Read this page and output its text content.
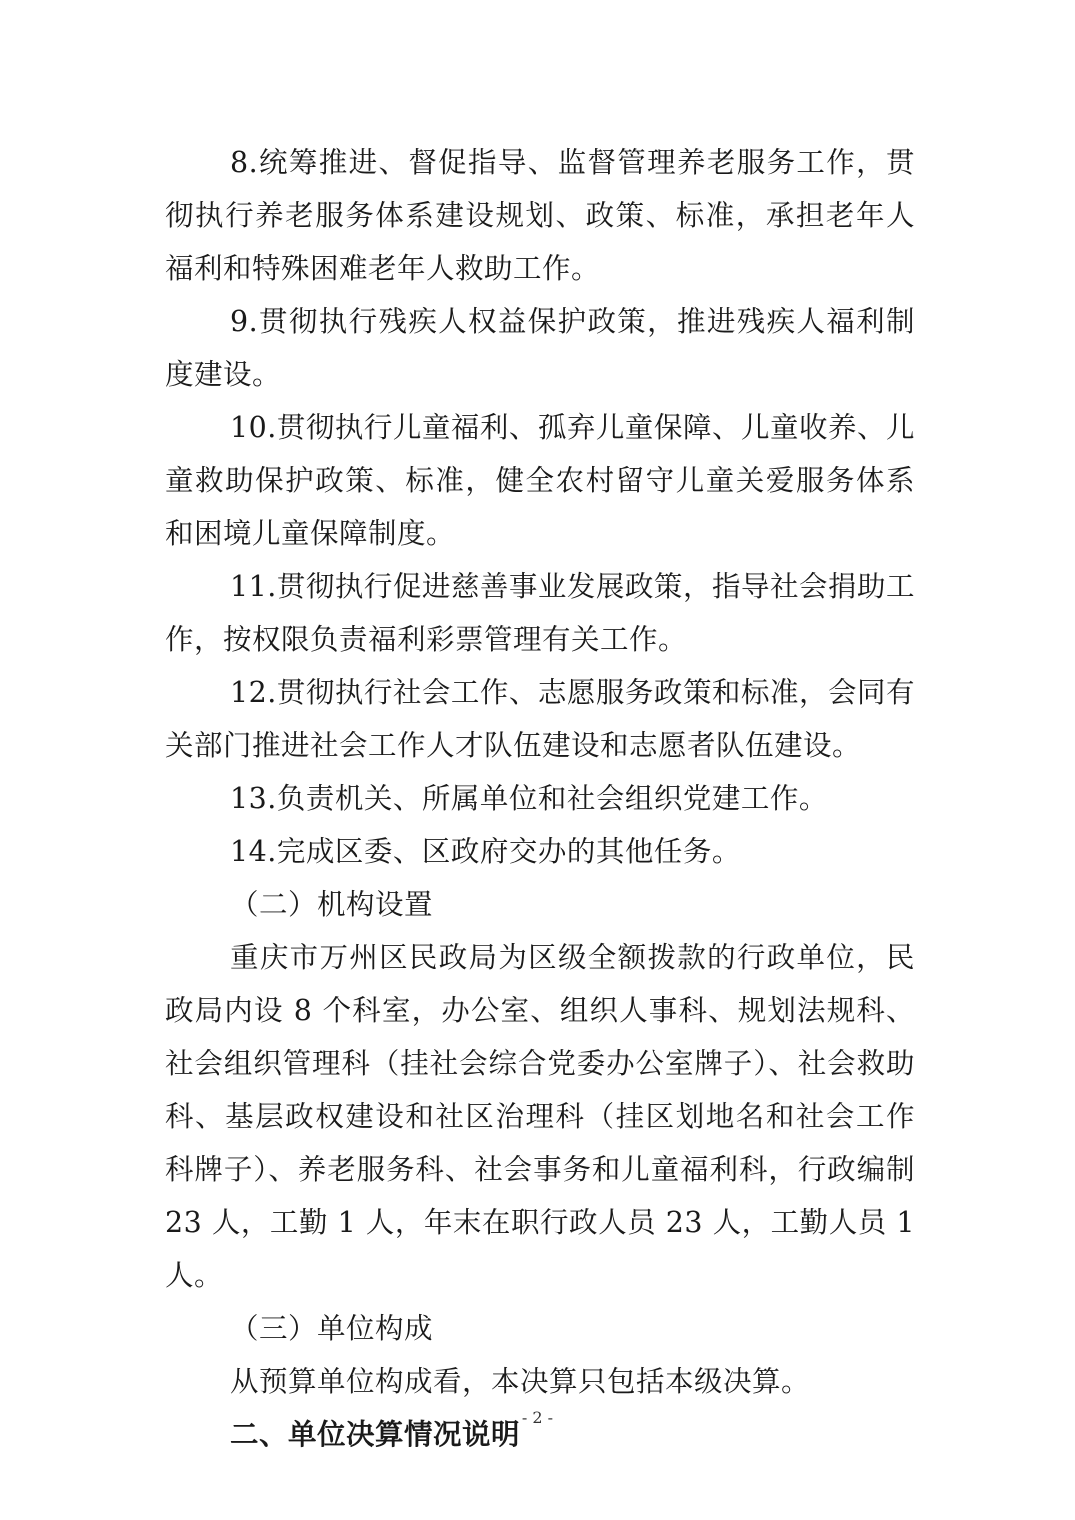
8.统筹推进、督促指导、监督管理养老服务工作，贯彻执行养老服务体系建设规划、政策、标准，承担老年人福利和特殊困难老年人救助工作。

9.贯彻执行残疾人权益保护政策，推进残疾人福利制度建设。

10.贯彻执行儿童福利、孤弃儿童保障、儿童收养、儿童救助保护政策、标准，健全农村留守儿童关爱服务体系和困境儿童保障制度。

11.贯彻执行促进慈善事业发展政策，指导社会捐助工作，按权限负责福利彩票管理有关工作。

12.贯彻执行社会工作、志愿服务政策和标准，会同有关部门推进社会工作人才队伍建设和志愿者队伍建设。

13.负责机关、所属单位和社会组织党建工作。

14.完成区委、区政府交办的其他任务。

（二）机构设置

重庆市万州区民政局为区级全额拨款的行政单位，民政局内设 8 个科室，办公室、组织人事科、规划法规科、社会组织管理科（挂社会综合党委办公室牌子）、社会救助科、基层政权建设和社区治理科（挂区划地名和社会工作科牌子）、养老服务科、社会事务和儿童福利科，行政编制 23 人，工勤 1 人，年末在职行政人员 23 人，工勤人员 1 人。

（三）单位构成

从预算单位构成看，本决算只包括本级决算。

二、单位决算情况说明

- 2 -
